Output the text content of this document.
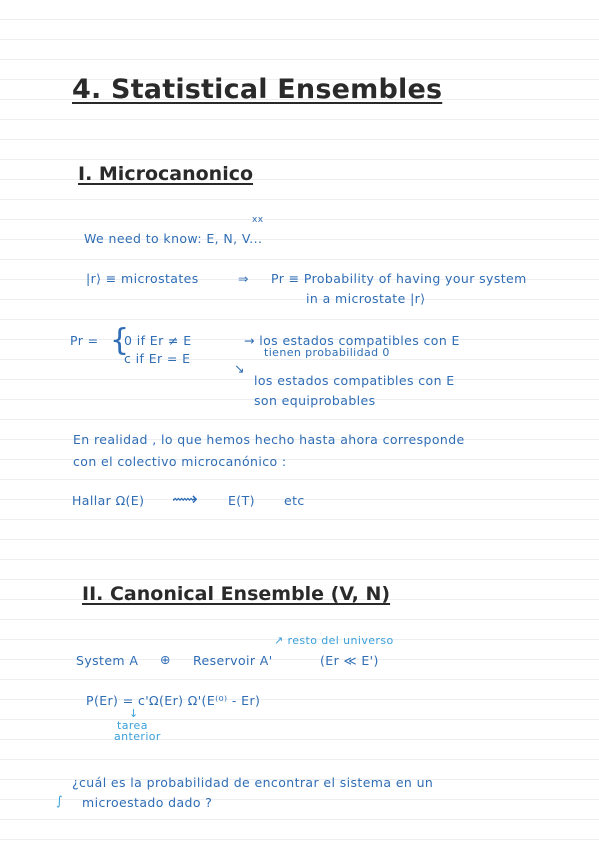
4. Statistical Ensembles
I. Microcanonico
xx
We need to know: E, N, V...
|r⟩ ≡ microstates	⇒ Pr ≡ Probability of having your system
in a microstate |r⟩
Pr = {
0 if Er ≠ E
c if Er = E
→ los estados compatibles con E
tienen probabilidad 0
↘
los estados compatibles con E
son equiprobables
En realidad , lo que hemos hecho hasta ahora corresponde
con el colectivo microcanónico :
Hallar Ω(E) ⟿ E(T) etc
II. Canonical Ensemble (V, N)
↗ resto del universo
System A ⊕ Reservoir A'	(Er ≪ E')
P(Er) = c'Ω(Er) Ω'(E⁽⁰⁾ - Er)
↓
tarea
anterior
¿cuál es la probabilidad de encontrar el sistema en un
∫ microestado dado ?
